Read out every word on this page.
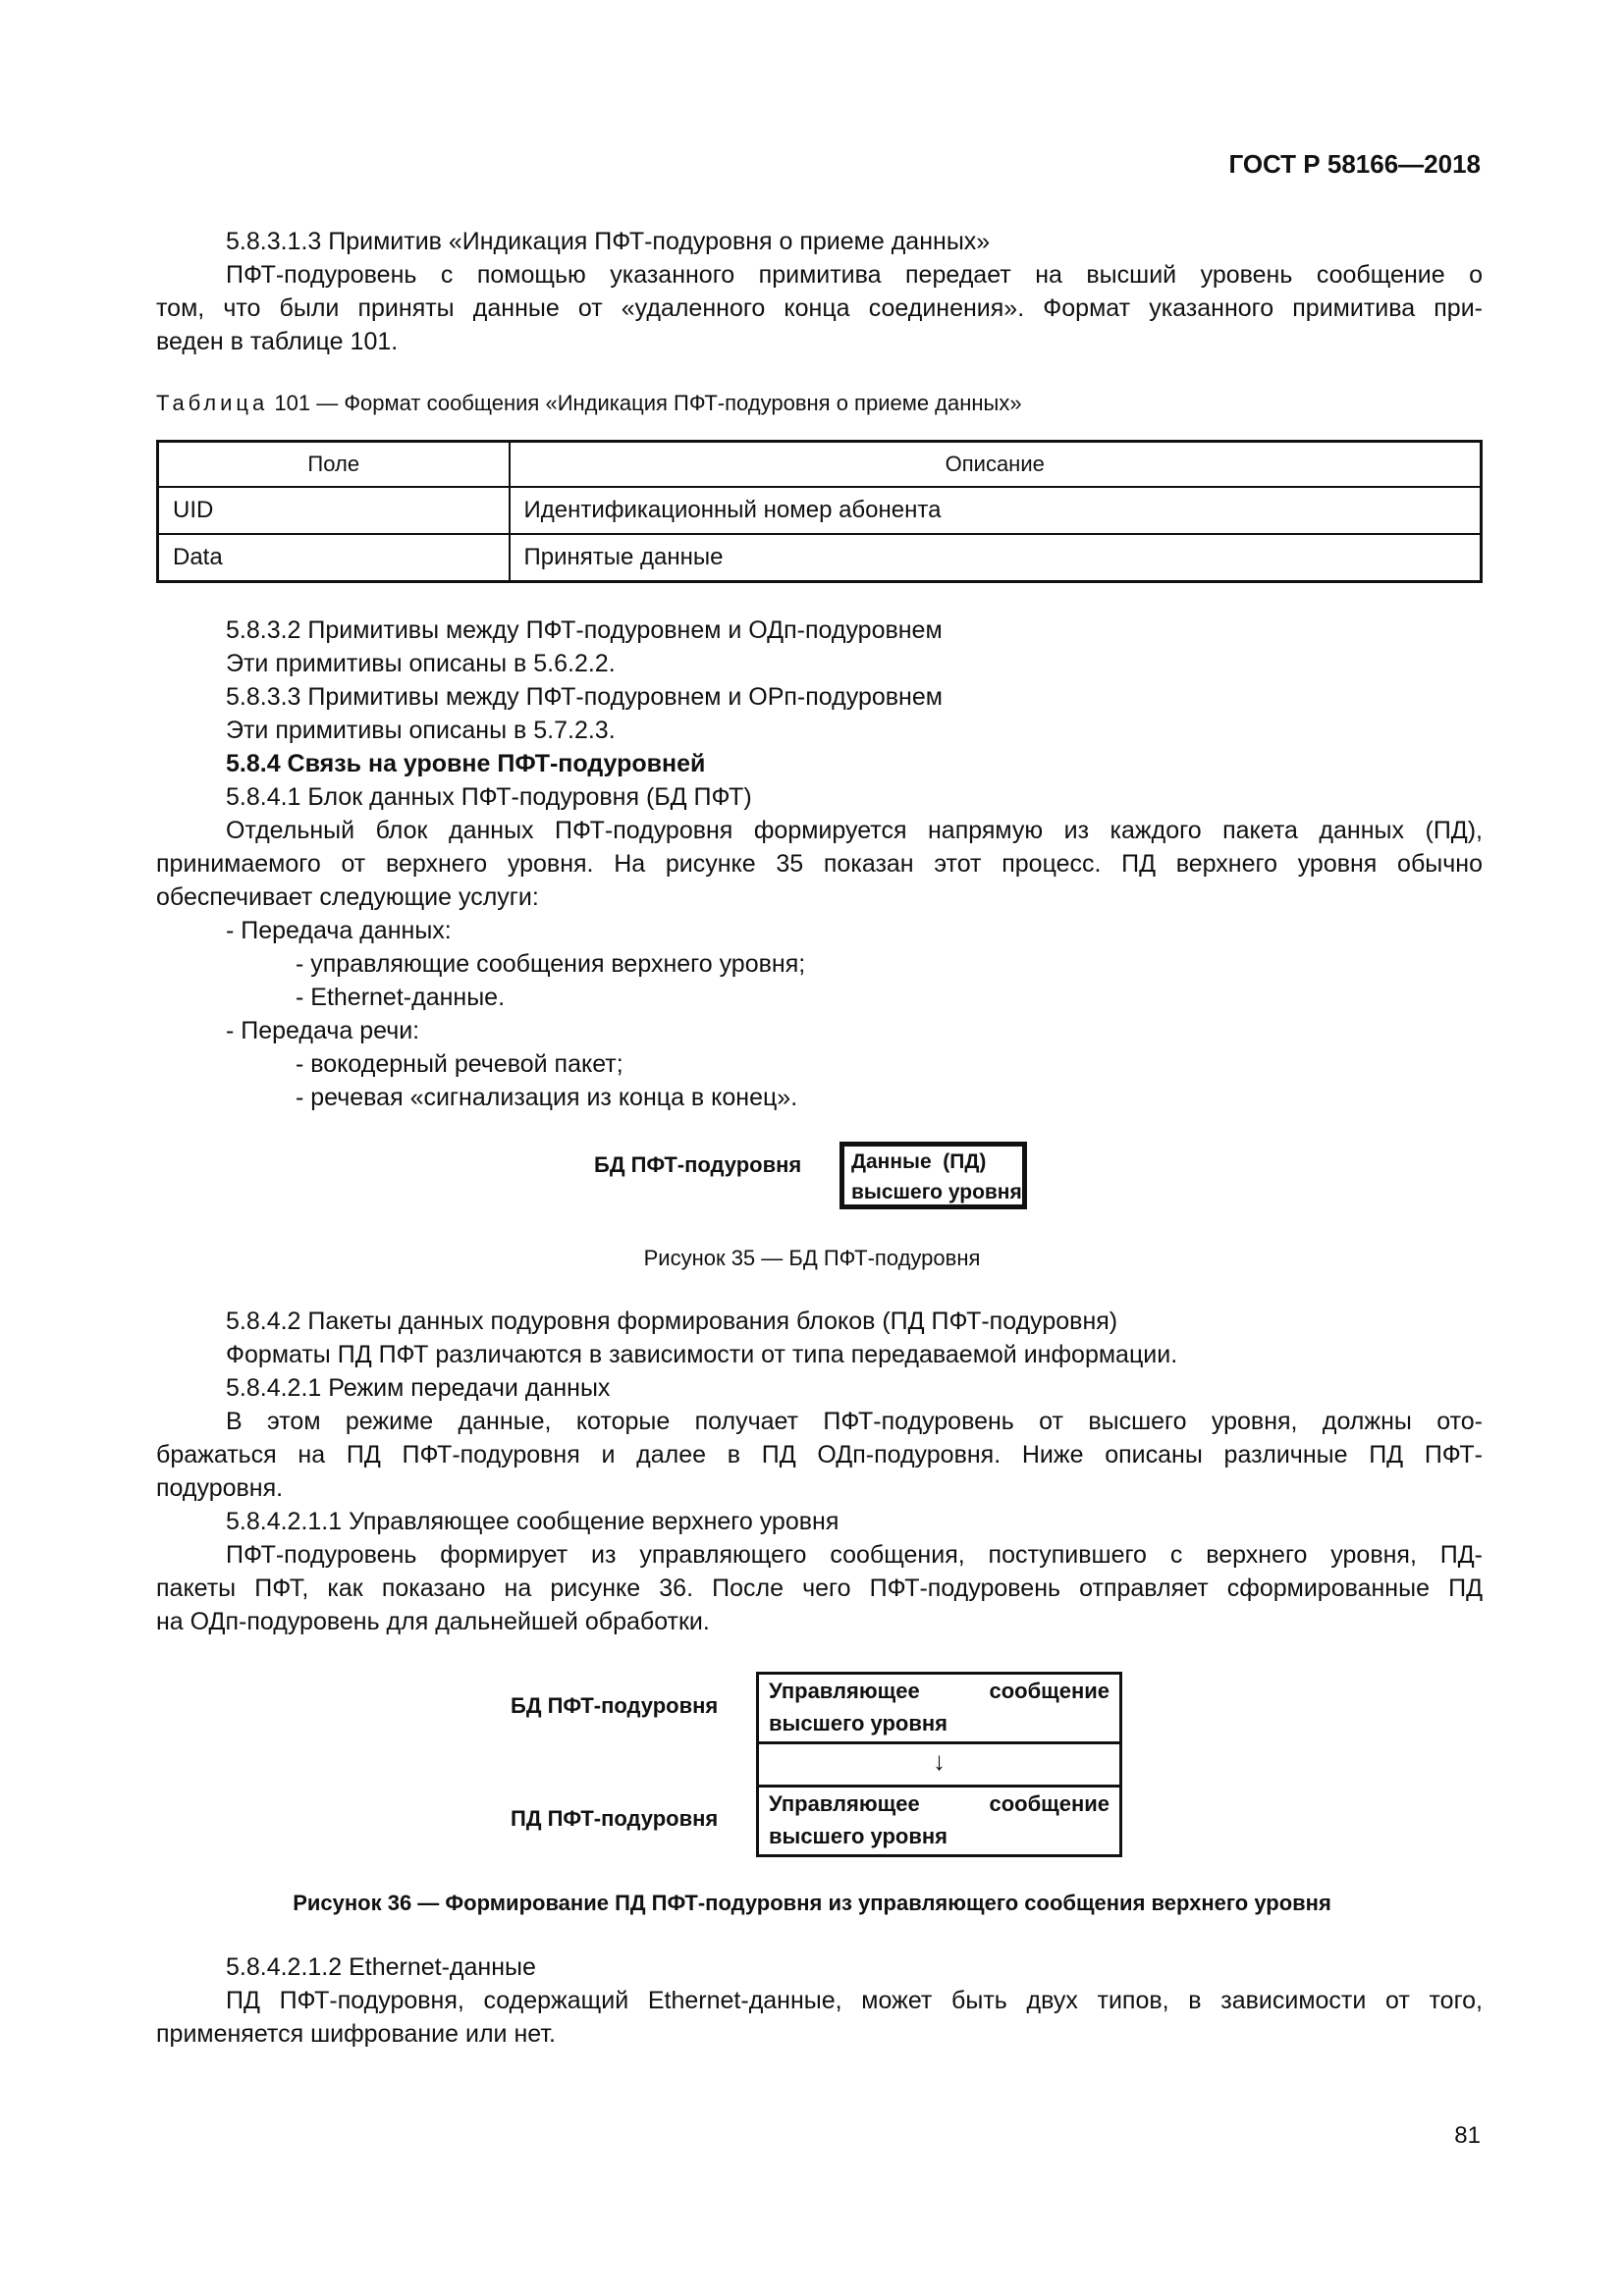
ГОСТ Р 58166—2018

5.8.3.1.3 Примитив «Индикация ПФТ-подуровня о приеме данных»

ПФТ-подуровень с помощью указанного примитива передает на высший уровень сообщение о

том, что были приняты данные от «удаленного конца соединения». Формат указанного примитива при-

веден в таблице 101.

Таблица 101 — Формат сообщения «Индикация ПФТ-подуровня о приеме данных»
Поле	Описание
UID	Идентификационный номер абонента
Data	Принятые данные

5.8.3.2 Примитивы между ПФТ-подуровнем и ОДп-подуровнем

Эти примитивы описаны в 5.6.2.2.

5.8.3.3 Примитивы между ПФТ-подуровнем и ОРп-подуровнем

Эти примитивы описаны в 5.7.2.3.

5.8.4 Связь на уровне ПФТ-подуровней

5.8.4.1 Блок данных ПФТ-подуровня (БД ПФТ)

Отдельный блок данных ПФТ-подуровня формируется напрямую из каждого пакета данных (ПД),

принимаемого от верхнего уровня. На рисунке 35 показан этот процесс. ПД верхнего уровня обычно

обеспечивает следующие услуги:

- Передача данных:

- управляющие сообщения верхнего уровня;

- Ethernet-данные.

- Передача речи:

- вокодерный речевой пакет;

- речевая «сигнализация из конца в конец».

БД ПФТ-подуровня Данные  (ПД)
высшего уровня
Рисунок 35 — БД ПФТ-подуровня

5.8.4.2 Пакеты данных подуровня формирования блоков (ПД ПФТ-подуровня)

Форматы ПД ПФТ различаются в зависимости от типа передаваемой информации.

5.8.4.2.1 Режим передачи данных

В этом режиме данные, которые получает ПФТ-подуровень от высшего уровня, должны ото-

бражаться на ПД ПФТ-подуровня и далее в ПД ОДп-подуровня. Ниже описаны различные ПД ПФТ-

подуровня.

5.8.4.2.1.1 Управляющее сообщение верхнего уровня

ПФТ-подуровень формирует из управляющего сообщения, поступившего с верхнего уровня, ПД-

пакеты ПФТ, как показано на рисунке 36. После чего ПФТ-подуровень отправляет сформированные ПД

на ОДп-подуровень для дальнейшей обработки.

БД ПФТ-подуровня
Управляющее	сообщение
высшего уровня
↓
ПД ПФТ-подуровня
Управляющее	сообщение
высшего уровня
Рисунок 36 — Формирование ПД ПФТ-подуровня из управляющего сообщения верхнего уровня

5.8.4.2.1.2 Ethernet-данные

ПД ПФТ-подуровня, содержащий Ethernet-данные, может быть двух типов, в зависимости от того,

применяется шифрование или нет.

81
